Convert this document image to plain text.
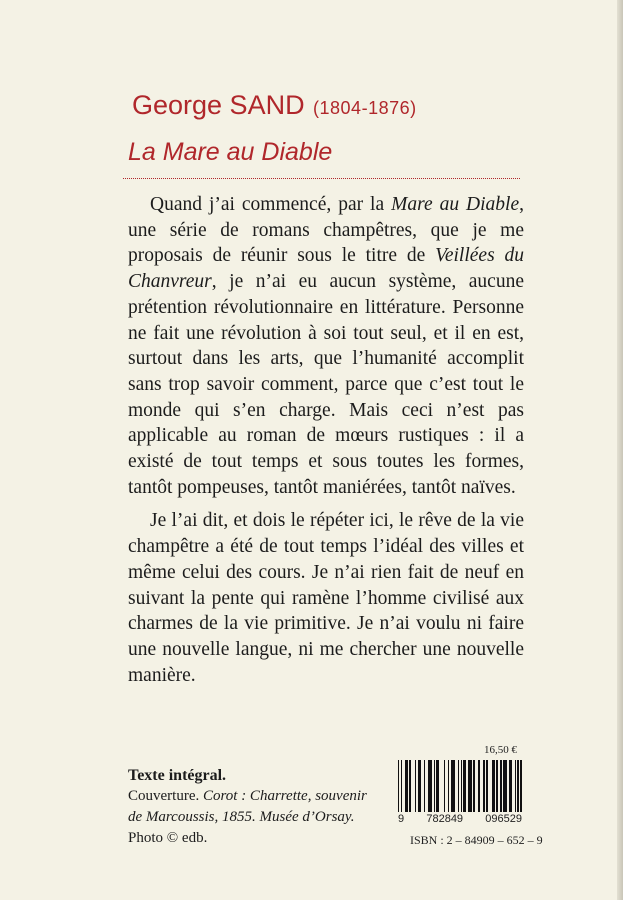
George SAND (1804-1876)
La Mare au Diable

Quand j’ai commencé, par la Mare au Diable, une série de romans champêtres, que je me proposais de réunir sous le titre de Veillées du Chanvreur, je n’ai eu aucun système, aucune prétention révolutionnaire en littérature. Personne ne fait une révolution à soi tout seul, et il en est, surtout dans les arts, que l’humanité accomplit sans trop savoir comment, parce que c’est tout le monde qui s’en charge. Mais ceci n’est pas applicable au roman de mœurs rustiques : il a existé de tout temps et sous toutes les formes, tantôt pompeuses, tantôt maniérées, tantôt naïves.

Je l’ai dit, et dois le répéter ici, le rêve de la vie champêtre a été de tout temps l’idéal des villes et même celui des cours. Je n’ai rien fait de neuf en suivant la pente qui ramène l’homme civilisé aux charmes de la vie primitive. Je n’ai voulu ni faire une nouvelle langue, ni me chercher une nouvelle manière.

Texte intégral.
Couverture. Corot : Charrette, souvenir de Marcoussis, 1855. Musée d’Orsay.
Photo © edb.
16,50 €
9 782849 096529
ISBN : 2 – 84909 – 652 – 9
